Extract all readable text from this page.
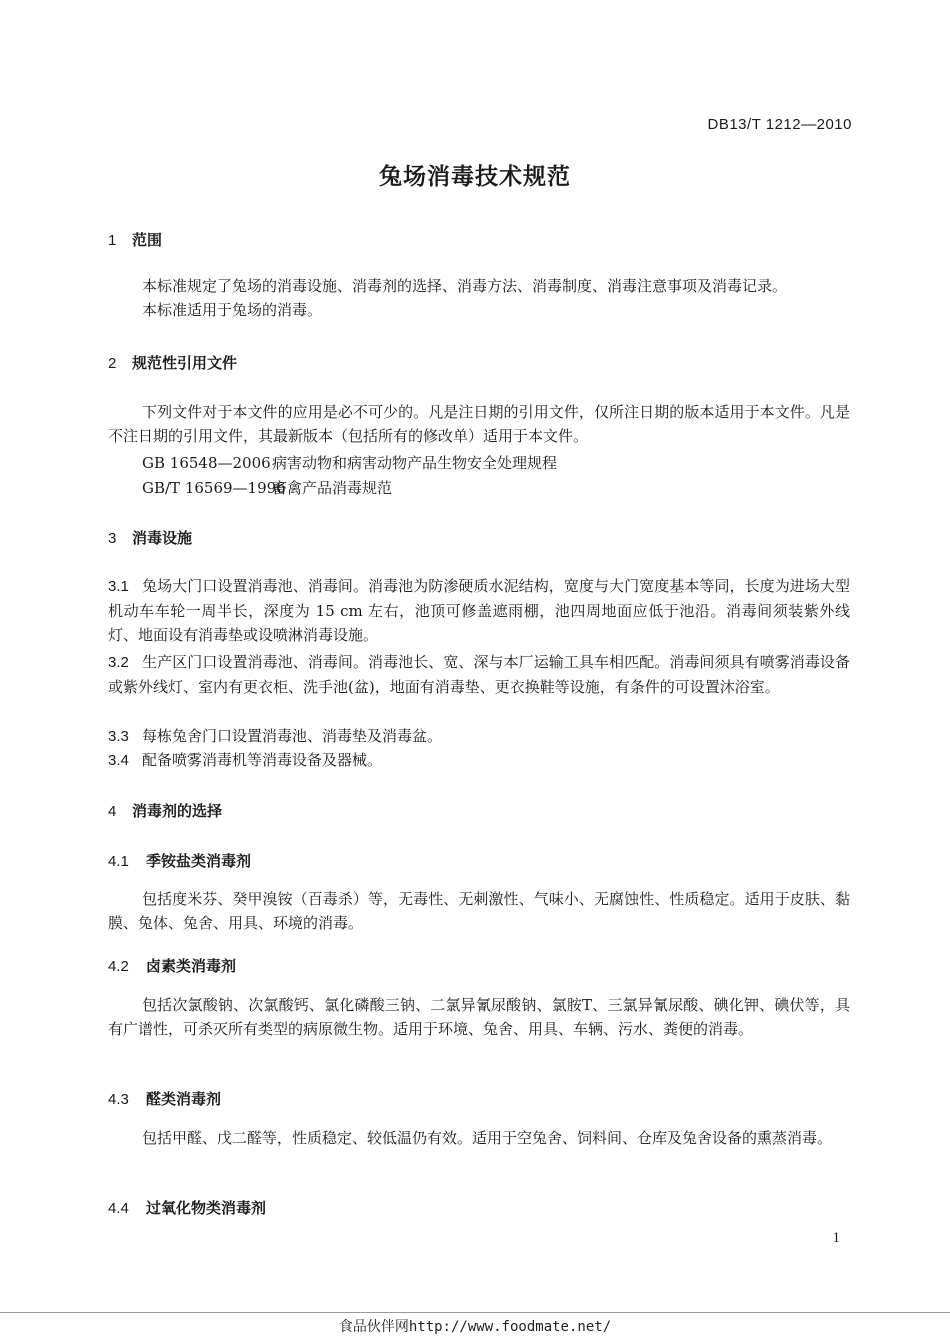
DB13/T 1212—2010
兔场消毒技术规范
1 范围
本标准规定了兔场的消毒设施、消毒剂的选择、消毒方法、消毒制度、消毒注意事项及消毒记录。
本标准适用于兔场的消毒。
2 规范性引用文件
下列文件对于本文件的应用是必不可少的。凡是注日期的引用文件，仅所注日期的版本适用于本文件。凡是不注日期的引用文件，其最新版本（包括所有的修改单）适用于本文件。
GB 16548—2006病害动物和病害动物产品生物安全处理规程
GB/T 16569—1996畜禽产品消毒规范
3 消毒设施
3.1 兔场大门口设置消毒池、消毒间。消毒池为防渗硬质水泥结构，宽度与大门宽度基本等同，长度为进场大型机动车车轮一周半长，深度为 15 cm 左右，池顶可修盖遮雨棚，池四周地面应低于池沿。消毒间须装紫外线灯、地面设有消毒垫或设喷淋消毒设施。
3.2 生产区门口设置消毒池、消毒间。消毒池长、宽、深与本厂运输工具车相匹配。消毒间须具有喷雾消毒设备或紫外线灯、室内有更衣柜、洗手池(盆)，地面有消毒垫、更衣换鞋等设施，有条件的可设置沐浴室。
3.3 每栋兔舍门口设置消毒池、消毒垫及消毒盆。
3.4 配备喷雾消毒机等消毒设备及器械。
4 消毒剂的选择
4.1 季铵盐类消毒剂
包括度米芬、癸甲溴铵（百毒杀）等，无毒性、无刺激性、气味小、无腐蚀性、性质稳定。适用于皮肤、黏膜、兔体、兔舍、用具、环境的消毒。
4.2 卤素类消毒剂
包括次氯酸钠、次氯酸钙、氯化磷酸三钠、二氯异氰尿酸钠、氯胺T、三氯异氰尿酸、碘化钾、碘伏等，具有广谱性，可杀灭所有类型的病原微生物。适用于环境、兔舍、用具、车辆、污水、粪便的消毒。
4.3 醛类消毒剂
包括甲醛、戊二醛等，性质稳定、较低温仍有效。适用于空兔舍、饲料间、仓库及兔舍设备的熏蒸消毒。
4.4 过氧化物类消毒剂
1
食品伙伴网http://www.foodmate.net/
